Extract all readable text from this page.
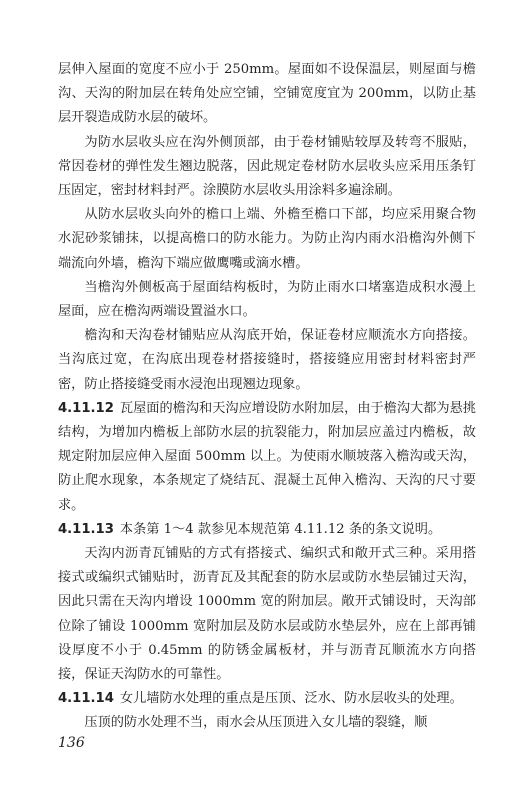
层伸入屋面的宽度不应小于 250mm。屋面如不设保温层，则屋面与檐沟、天沟的附加层在转角处应空铺，空铺宽度宜为 200mm，以防止基层开裂造成防水层的破坏。

为防水层收头应在沟外侧顶部，由于卷材铺贴较厚及转弯不服贴，常因卷材的弹性发生翘边脱落，因此规定卷材防水层收头应采用压条钉压固定，密封材料封严。涂膜防水层收头用涂料多遍涂刷。

从防水层收头向外的檐口上端、外檐至檐口下部，均应采用聚合物水泥砂浆铺抹，以提高檐口的防水能力。为防止沟内雨水沿檐沟外侧下端流向外墙，檐沟下端应做鹰嘴或滴水槽。

当檐沟外侧板高于屋面结构板时，为防止雨水口堵塞造成积水漫上屋面，应在檐沟两端设置溢水口。

檐沟和天沟卷材铺贴应从沟底开始，保证卷材应顺流水方向搭接。当沟底过宽，在沟底出现卷材搭接缝时，搭接缝应用密封材料密封严密，防止搭接缝受雨水浸泡出现翘边现象。

4.11.12 瓦屋面的檐沟和天沟应增设防水附加层，由于檐沟大都为悬挑结构，为增加内檐板上部防水层的抗裂能力，附加层应盖过内檐板，故规定附加层应伸入屋面 500mm 以上。为使雨水顺坡落入檐沟或天沟，防止爬水现象，本条规定了烧结瓦、混凝土瓦伸入檐沟、天沟的尺寸要求。

4.11.13 本条第 1～4 款参见本规范第 4.11.12 条的条文说明。

天沟内沥青瓦铺贴的方式有搭接式、编织式和敞开式三种。采用搭接式或编织式铺贴时，沥青瓦及其配套的防水层或防水垫层铺过天沟，因此只需在天沟内增设 1000mm 宽的附加层。敞开式铺设时，天沟部位除了铺设 1000mm 宽附加层及防水层或防水垫层外，应在上部再铺设厚度不小于 0.45mm 的防锈金属板材，并与沥青瓦顺流水方向搭接，保证天沟防水的可靠性。

4.11.14 女儿墙防水处理的重点是压顶、泛水、防水层收头的处理。

压顶的防水处理不当，雨水会从压顶进入女儿墙的裂缝，顺

136
